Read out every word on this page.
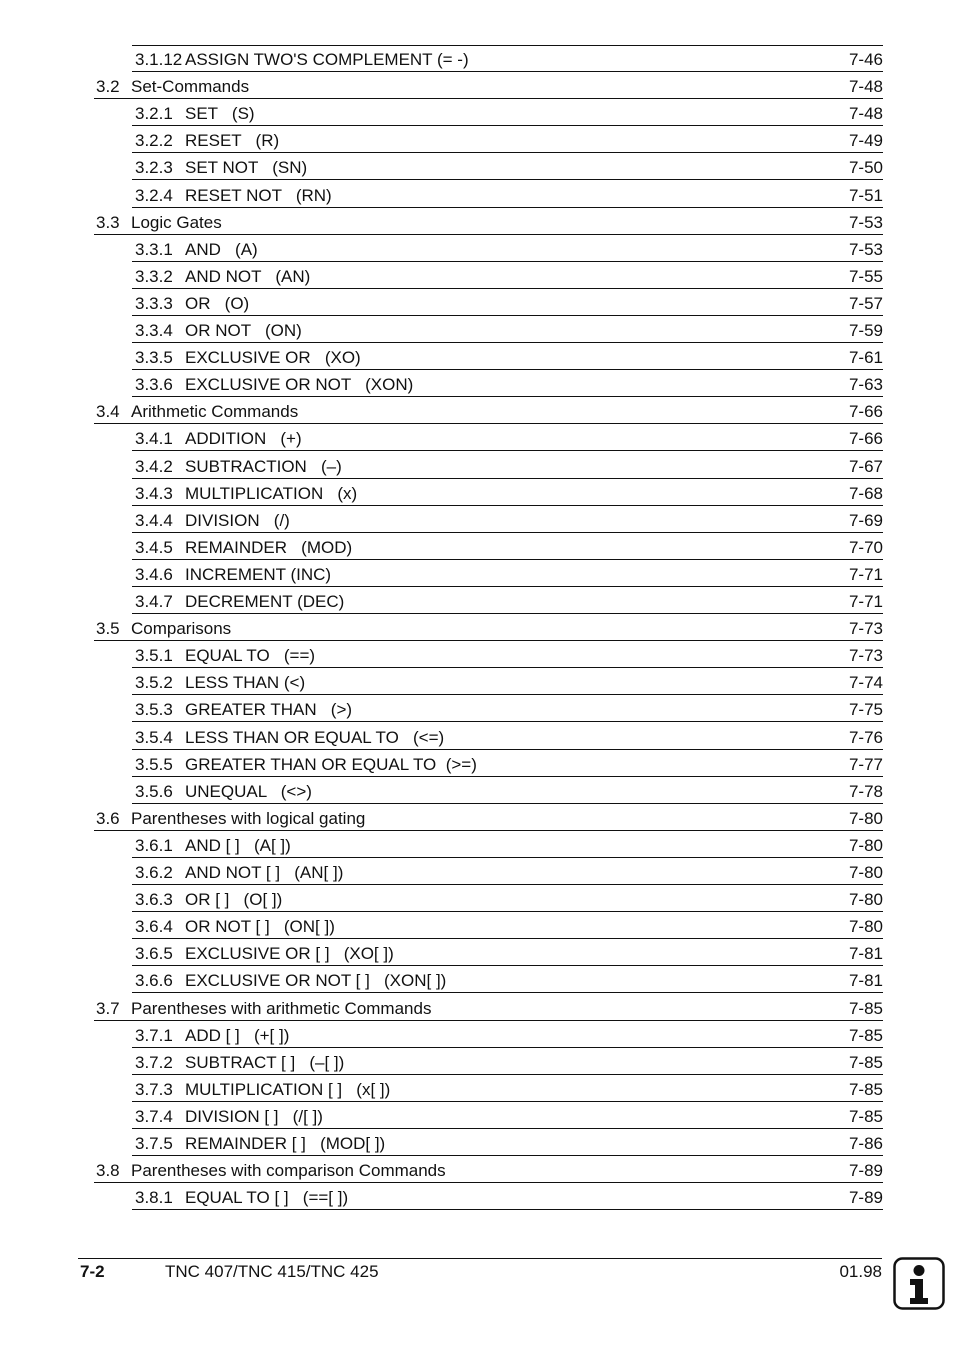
3.1.12 ASSIGN TWO'S COMPLEMENT (= -)	7-46
3.2 Set-Commands	7-48
3.2.1 SET   (S)	7-48
3.2.2 RESET   (R)	7-49
3.2.3 SET NOT   (SN)	7-50
3.2.4 RESET NOT   (RN)	7-51
3.3 Logic Gates	7-53
3.3.1 AND   (A)	7-53
3.3.2 AND NOT   (AN)	7-55
3.3.3 OR   (O)	7-57
3.3.4 OR NOT   (ON)	7-59
3.3.5 EXCLUSIVE OR   (XO)	7-61
3.3.6 EXCLUSIVE OR NOT   (XON)	7-63
3.4 Arithmetic Commands	7-66
3.4.1 ADDITION   (+)	7-66
3.4.2 SUBTRACTION   (–)	7-67
3.4.3 MULTIPLICATION   (x)	7-68
3.4.4 DIVISION   (/)	7-69
3.4.5 REMAINDER   (MOD)	7-70
3.4.6 INCREMENT (INC)	7-71
3.4.7 DECREMENT (DEC)	7-71
3.5 Comparisons	7-73
3.5.1 EQUAL TO   (==)	7-73
3.5.2 LESS THAN (<)	7-74
3.5.3 GREATER THAN   (>)	7-75
3.5.4 LESS THAN OR EQUAL TO   (<=)	7-76
3.5.5 GREATER THAN OR EQUAL TO  (>=)	7-77
3.5.6 UNEQUAL   (<>)	7-78
3.6 Parentheses with logical gating	7-80
3.6.1 AND [ ]   (A[ ])	7-80
3.6.2 AND NOT [ ]   (AN[ ])	7-80
3.6.3 OR [ ]   (O[ ])	7-80
3.6.4 OR NOT [ ]   (ON[ ])	7-80
3.6.5 EXCLUSIVE OR [ ]   (XO[ ])	7-81
3.6.6 EXCLUSIVE OR NOT [ ]   (XON[ ])	7-81
3.7 Parentheses with arithmetic Commands	7-85
3.7.1 ADD [ ]   (+[ ])	7-85
3.7.2 SUBTRACT [ ]   (–[ ])	7-85
3.7.3 MULTIPLICATION [ ]   (x[ ])	7-85
3.7.4 DIVISION [ ]   (/[ ])	7-85
3.7.5 REMAINDER [ ]   (MOD[ ])	7-86
3.8 Parentheses with comparison Commands	7-89
3.8.1 EQUAL TO [ ]   (==[ ])	7-89
7-2	TNC 407/TNC 415/TNC 425	01.98
